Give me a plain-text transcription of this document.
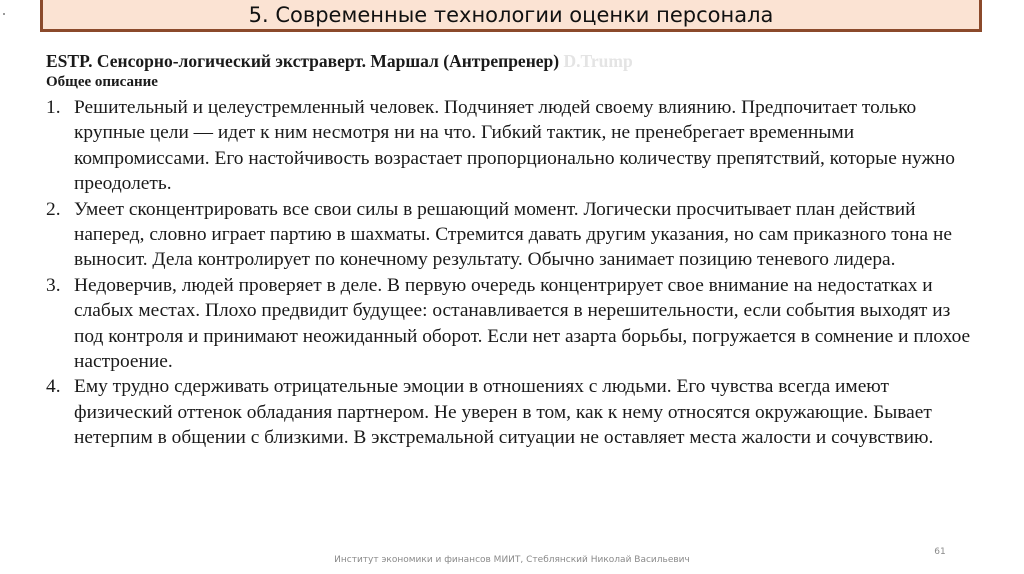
5. Современные технологии оценки персонала
ESTP. Сенсорно-логический экстраверт. Маршал (Антрепренер) D.Trump
Общее описание
1. Решительный и целеустремленный человек. Подчиняет людей своему влиянию. Предпочитает только крупные цели — идет к ним несмотря ни на что. Гибкий тактик, не пренебрегает временными компромиссами. Его настойчивость возрастает пропорционально количеству препятствий, которые нужно преодолеть.
2. Умеет сконцентрировать все свои силы в решающий момент. Логически просчитывает план действий наперед, словно играет партию в шахматы. Стремится давать другим указания, но сам приказного тона не выносит. Дела контролирует по конечному результату. Обычно занимает позицию теневого лидера.
3. Недоверчив, людей проверяет в деле. В первую очередь концентрирует свое внимание на недостатках и слабых местах. Плохо предвидит будущее: останавливается в нерешительности, если события выходят из под контроля и принимают неожиданный оборот. Если нет азарта борьбы, погружается в сомнение и плохое настроение.
4. Ему трудно сдерживать отрицательные эмоции в отношениях с людьми. Его чувства всегда имеют физический оттенок обладания партнером. Не уверен в том, как к нему относятся окружающие. Бывает нетерпим в общении с близкими. В экстремальной ситуации не оставляет места жалости и сочувствию.
61
Институт экономики и финансов МИИТ, Стеблянский Николай Васильевич
